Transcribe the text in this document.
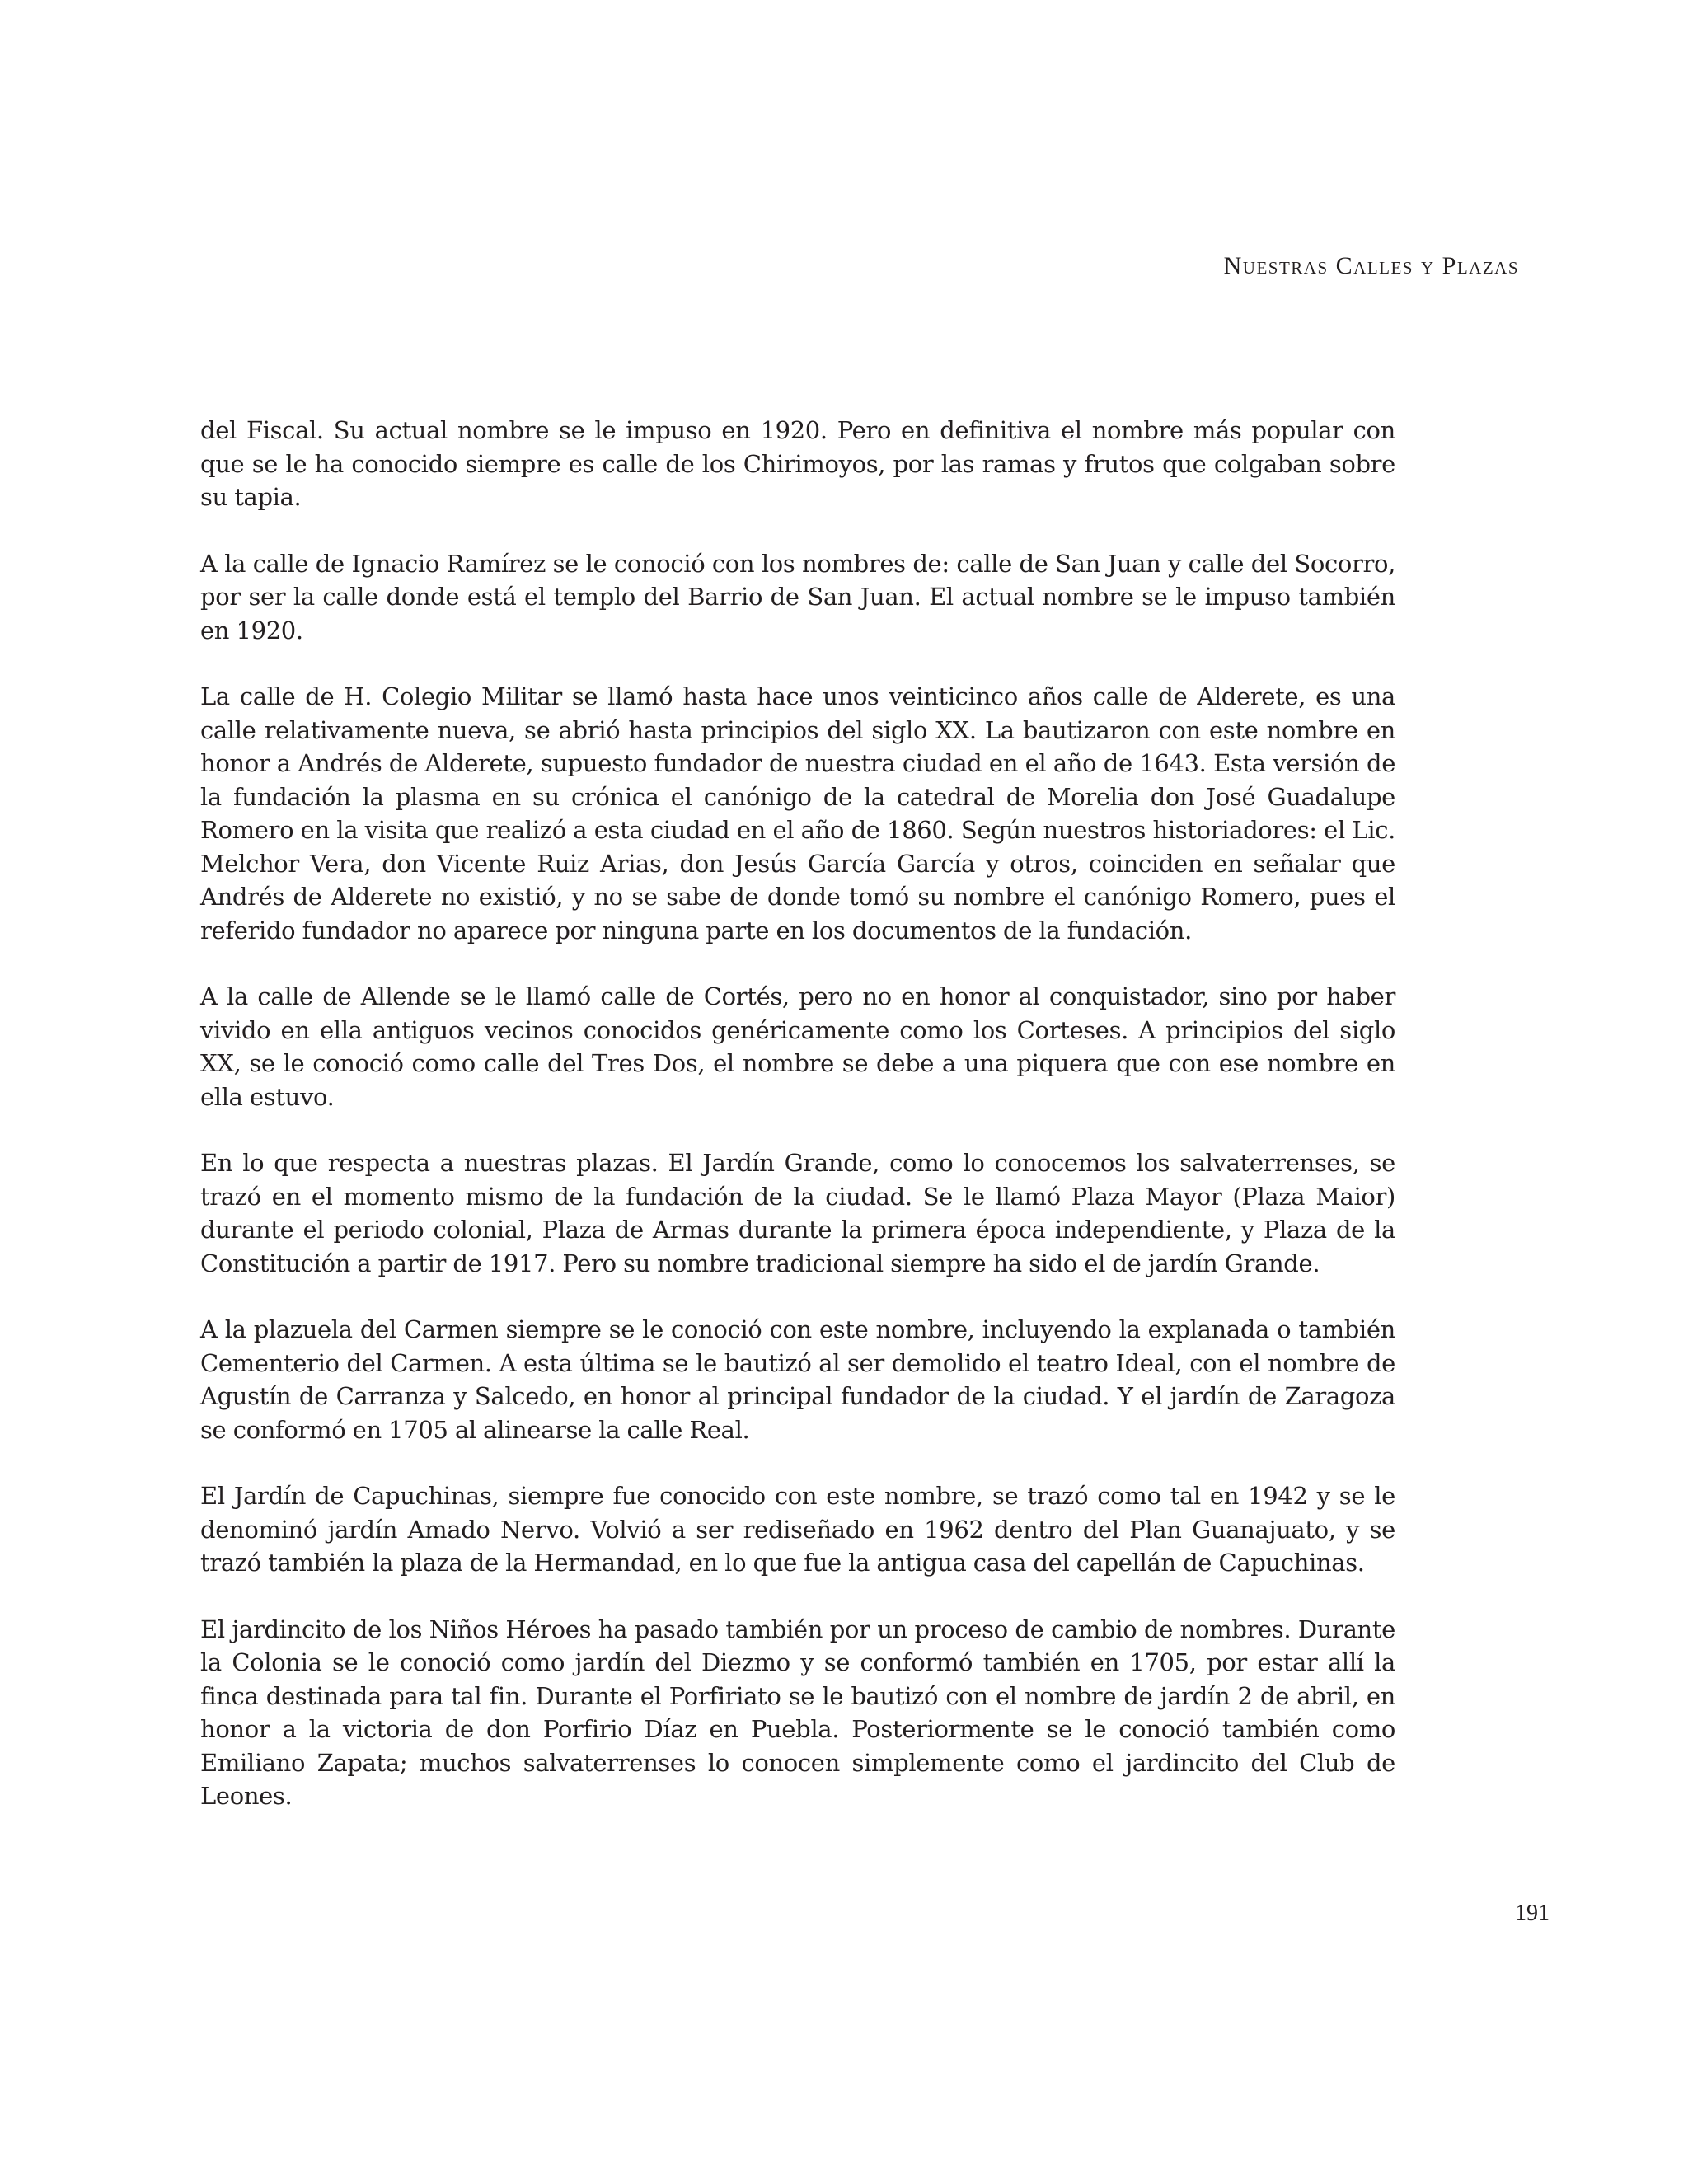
Nuestras Calles y Plazas

del Fiscal. Su actual nombre se le impuso en 1920. Pero en definitiva el nombre más popular con que se le ha conocido siempre es calle de los Chirimoyos, por las ramas y frutos que colgaban sobre su tapia.

A la calle de Ignacio Ramírez se le conoció con los nombres de: calle de San Juan y calle del Socorro, por ser la calle donde está el templo del Barrio de San Juan. El actual nombre se le impuso también en 1920.

La calle de H. Colegio Militar se llamó hasta hace unos veinticinco años calle de Alderete, es una calle relativamente nueva, se abrió hasta principios del siglo XX. La bautizaron con este nombre en honor a Andrés de Alderete, supuesto fundador de nuestra ciudad en el año de 1643. Esta versión de la fundación la plasma en su crónica el canónigo de la catedral de Morelia don José Guadalupe Romero en la visita que realizó a esta ciudad en el año de 1860. Según nuestros historiadores: el Lic. Melchor Vera, don Vicente Ruiz Arias, don Jesús García García y otros, coinciden en señalar que Andrés de Alderete no existió, y no se sabe de donde tomó su nombre el canónigo Romero, pues el referido fundador no aparece por ninguna parte en los documentos de la fundación.

A la calle de Allende se le llamó calle de Cortés, pero no en honor al conquistador, sino por haber vivido en ella antiguos vecinos conocidos genéricamente como los Corteses. A principios del siglo XX, se le conoció como calle del Tres Dos, el nombre se debe a una piquera que con ese nombre en ella estuvo.

En lo que respecta a nuestras plazas. El Jardín Grande, como lo conocemos los salvaterrenses, se trazó en el momento mismo de la fundación de la ciudad. Se le llamó Plaza Mayor (Plaza Maior) durante el periodo colonial, Plaza de Armas durante la primera época independiente, y Plaza de la Constitución a partir de 1917. Pero su nombre tradicional siempre ha sido el de jardín Grande.

A la plazuela del Carmen siempre se le conoció con este nombre, incluyendo la explanada o también Cementerio del Carmen. A esta última se le bautizó al ser demolido el teatro Ideal, con el nombre de Agustín de Carranza y Salcedo, en honor al principal fundador de la ciudad. Y el jardín de Zaragoza se conformó en 1705 al alinearse la calle Real.

El Jardín de Capuchinas, siempre fue conocido con este nombre, se trazó como tal en 1942 y se le denominó jardín Amado Nervo. Volvió a ser rediseñado en 1962 dentro del Plan Guanajuato, y se trazó también la plaza de la Hermandad, en lo que fue la antigua casa del capellán de Capuchinas.

El jardincito de los Niños Héroes ha pasado también por un proceso de cambio de nombres. Durante la Colonia se le conoció como jardín del Diezmo y se conformó también en 1705, por estar allí la finca destinada para tal fin. Durante el Porfiriato se le bautizó con el nombre de jardín 2 de abril, en honor a la victoria de don Porfirio Díaz en Puebla. Posteriormente se le conoció también como Emiliano Zapata; muchos salvaterrenses lo conocen simplemente como el jardincito del Club de Leones.

191
